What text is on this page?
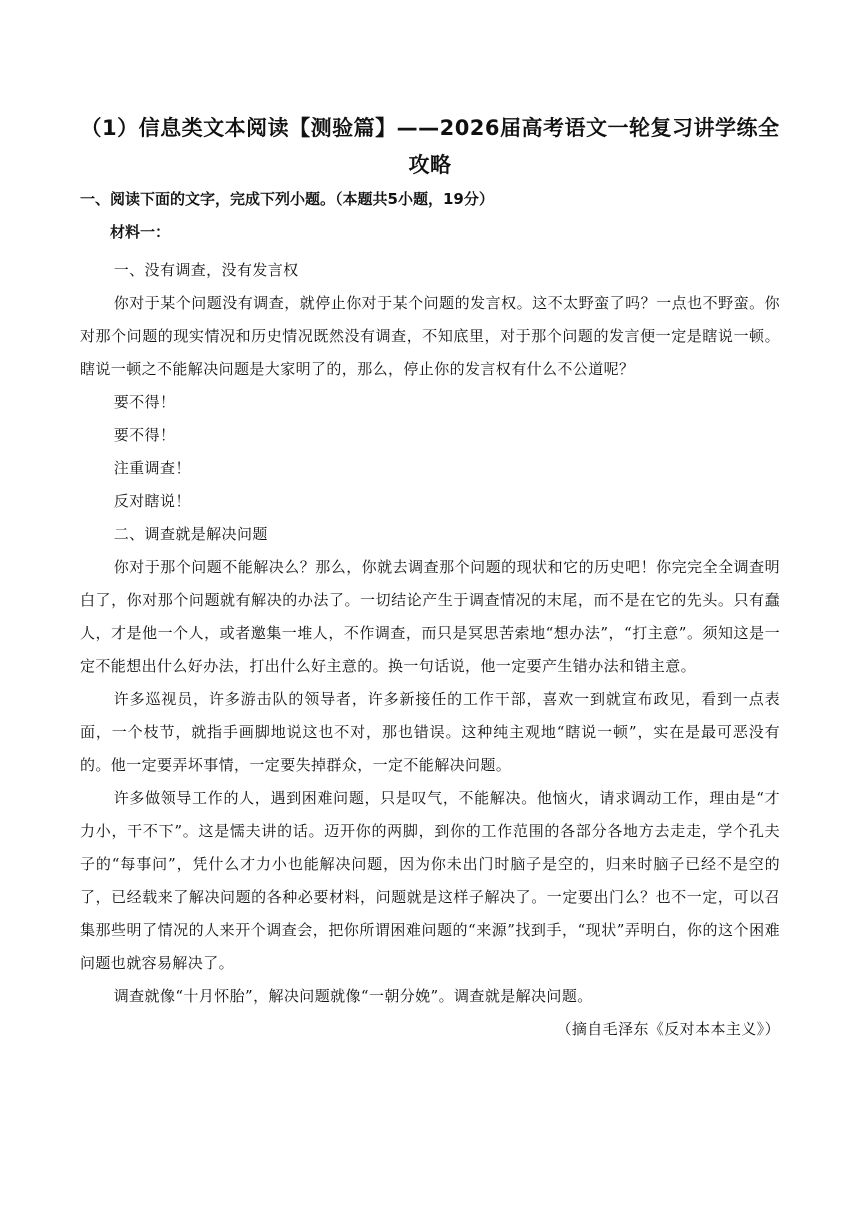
（1）信息类文本阅读【测验篇】——2026届高考语文一轮复习讲学练全攻略

一、阅读下面的文字，完成下列小题。（本题共5小题，19分）

材料一：

一、没有调查，没有发言权

你对于某个问题没有调查，就停止你对于某个问题的发言权。这不太野蛮了吗？一点也不野蛮。你对那个问题的现实情况和历史情况既然没有调查，不知底里，对于那个问题的发言便一定是瞎说一顿。瞎说一顿之不能解决问题是大家明了的，那么，停止你的发言权有什么不公道呢？

要不得！

要不得！

注重调查！

反对瞎说！

二、调查就是解决问题

你对于那个问题不能解决么？那么，你就去调查那个问题的现状和它的历史吧！你完完全全调查明白了，你对那个问题就有解决的办法了。一切结论产生于调查情况的末尾，而不是在它的先头。只有蠢人，才是他一个人，或者邀集一堆人，不作调查，而只是冥思苦索地“想办法”，“打主意”。须知这是一定不能想出什么好办法，打出什么好主意的。换一句话说，他一定要产生错办法和错主意。

许多巡视员，许多游击队的领导者，许多新接任的工作干部，喜欢一到就宣布政见，看到一点表面，一个枝节，就指手画脚地说这也不对，那也错误。这种纯主观地“瞎说一顿”，实在是最可恶没有的。他一定要弄坏事情，一定要失掉群众，一定不能解决问题。

许多做领导工作的人，遇到困难问题，只是叹气，不能解决。他恼火，请求调动工作，理由是“才力小，干不下”。这是懦夫讲的话。迈开你的两脚，到你的工作范围的各部分各地方去走走，学个孔夫子的“每事问”，凭什么才力小也能解决问题，因为你未出门时脑子是空的，归来时脑子已经不是空的了，已经载来了解决问题的各种必要材料，问题就是这样子解决了。一定要出门么？也不一定，可以召集那些明了情况的人来开个调查会，把你所谓困难问题的“来源”找到手，“现状”弄明白，你的这个困难问题也就容易解决了。

调查就像“十月怀胎”，解决问题就像“一朝分娩”。调查就是解决问题。

（摘自毛泽东《反对本本主义》）
